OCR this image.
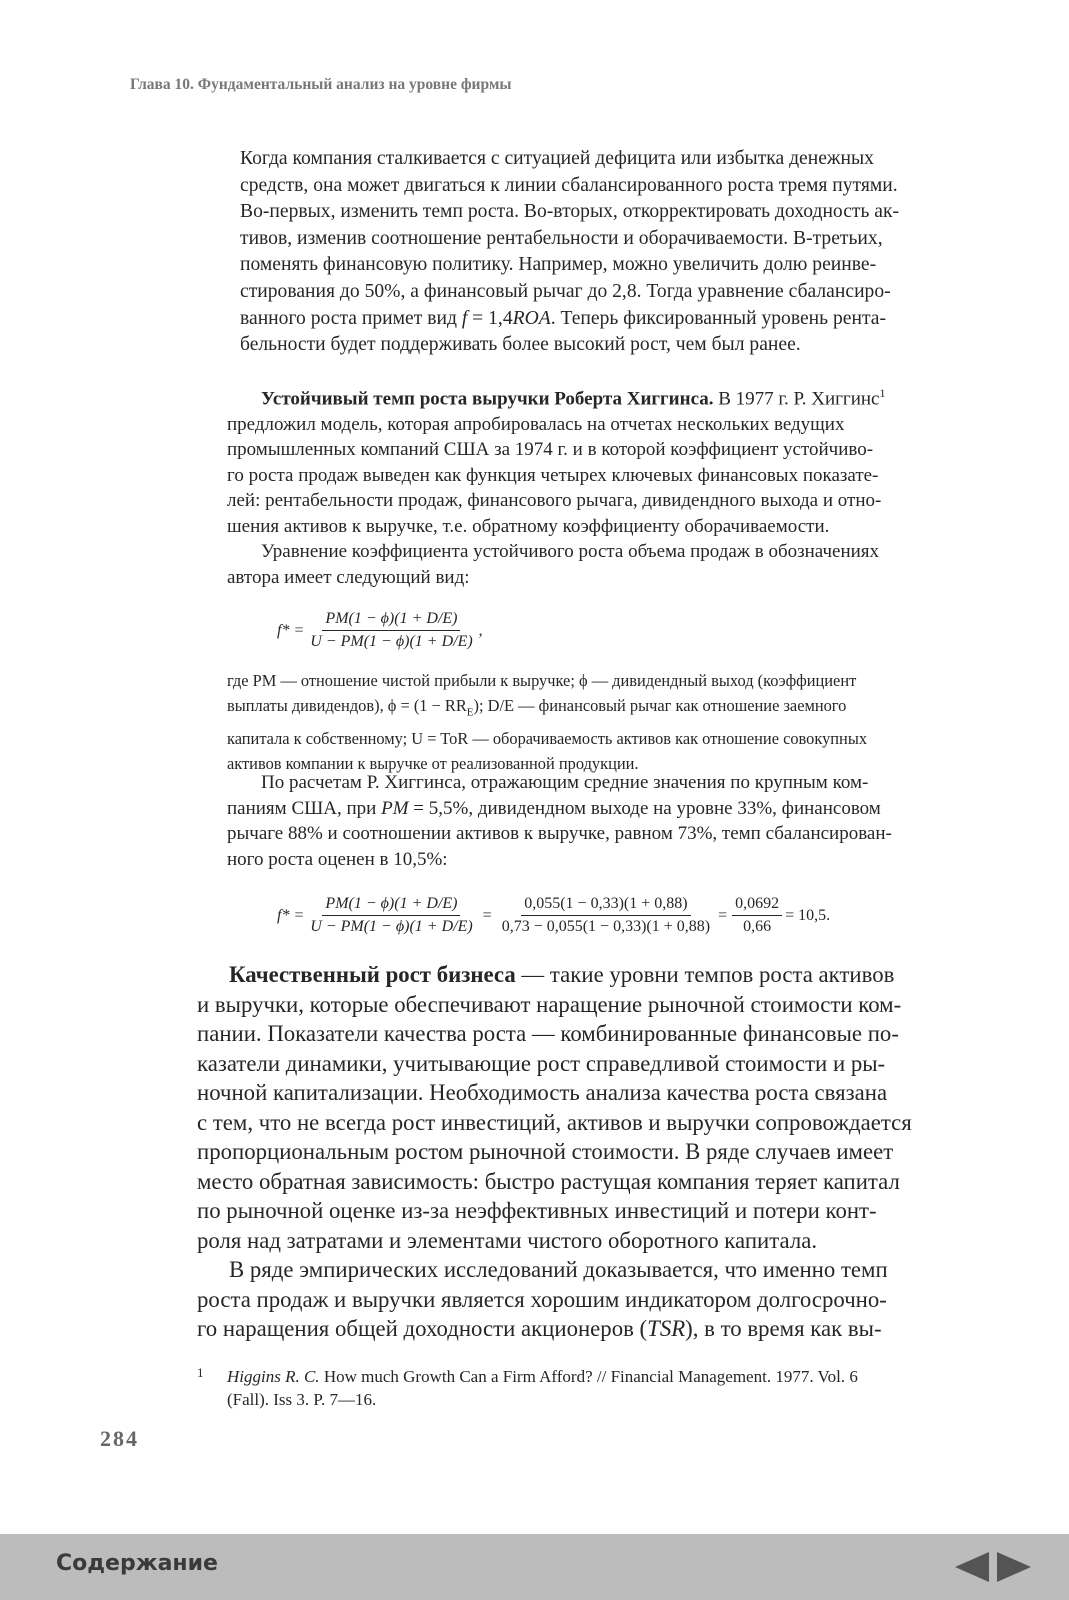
Глава 10. Фундаментальный анализ на уровне фирмы

Когда компания сталкивается с ситуацией дефицита или избытка денежных

средств, она может двигаться к линии сбалансированного роста тремя путями.

Во-первых, изменить темп роста. Во-вторых, откорректировать доходность ак-

тивов, изменив соотношение рентабельности и оборачиваемости. В-третьих,

поменять финансовую политику. Например, можно увеличить долю реинве-

стирования до 50%, а финансовый рычаг до 2,8. Тогда уравнение сбалансиро-

ванного роста примет вид f = 1,4ROA. Теперь фиксированный уровень рента-

бельности будет поддерживать более высокий рост, чем был ранее.

Устойчивый темп роста выручки Роберта Хиггинса. В 1977 г. Р. Хиггинс$^1$

предложил модель, которая апробировалась на отчетах нескольких ведущих

промышленных компаний США за 1974 г. и в которой коэффициент устойчиво-

го роста продаж выведен как функция четырех ключевых финансовых показате-

лей: рентабельности продаж, финансового рычага, дивидендного выхода и отно-

шения активов к выручке, т.е. обратному коэффициенту оборачиваемости.

Уравнение коэффициента устойчивого роста объема продаж в обозначениях

автора имеет следующий вид:

$f* = \frac{PM(1 - \phi)(1 + D/E)}{U - PM(1 - \phi)(1 + D/E)}$ ,
где PM — отношение чистой прибыли к выручке; ϕ — дивидендный выход (коэффициент
выплаты дивидендов), $\phi = (1 - RR_E)$; D/E — финансовый рычаг как отношение заемного
капитала к собственному; U = ToR — оборачиваемость активов как отношение совокупных
активов компании к выручке от реализованной продукции.

По расчетам Р. Хиггинса, отражающим средние значения по крупным ком-

паниям США, при PM = 5,5%, дивидендном выходе на уровне 33%, финансовом

рычаге 88% и соотношении активов к выручке, равном 73%, темп сбалансирован-

ного роста оценен в 10,5%:

$f* = \frac{PM(1 - \phi)(1 + D/E)}{U - PM(1 - \phi)(1 + D/E)} = \frac{0,055(1 - 0,33)(1 + 0,88)}{0,73 - 0,055(1 - 0,33)(1 + 0,88)} = \frac{0,0692}{0,66} = 10,5$.

Качественный рост бизнеса — такие уровни темпов роста активов

и выручки, которые обеспечивают наращение рыночной стоимости ком-

пании. Показатели качества роста — комбинированные финансовые по-

казатели динамики, учитывающие рост справедливой стоимости и ры-

ночной капитализации. Необходимость анализа качества роста связана

с тем, что не всегда рост инвестиций, активов и выручки сопровождается

пропорциональным ростом рыночной стоимости. В ряде случаев имеет

место обратная зависимость: быстро растущая компания теряет капитал

по рыночной оценке из-за неэффективных инвестиций и потери конт-

роля над затратами и элементами чистого оборотного капитала.

В ряде эмпирических исследований доказывается, что именно темп

роста продаж и выручки является хорошим индикатором долгосрочно-

го наращения общей доходности акционеров (TSR), в то время как вы-

1 Higgins R. C. How much Growth Can a Firm Afford? // Financial Management. 1977. Vol. 6
(Fall). Iss 3. P. 7—16.
284
Содержание
